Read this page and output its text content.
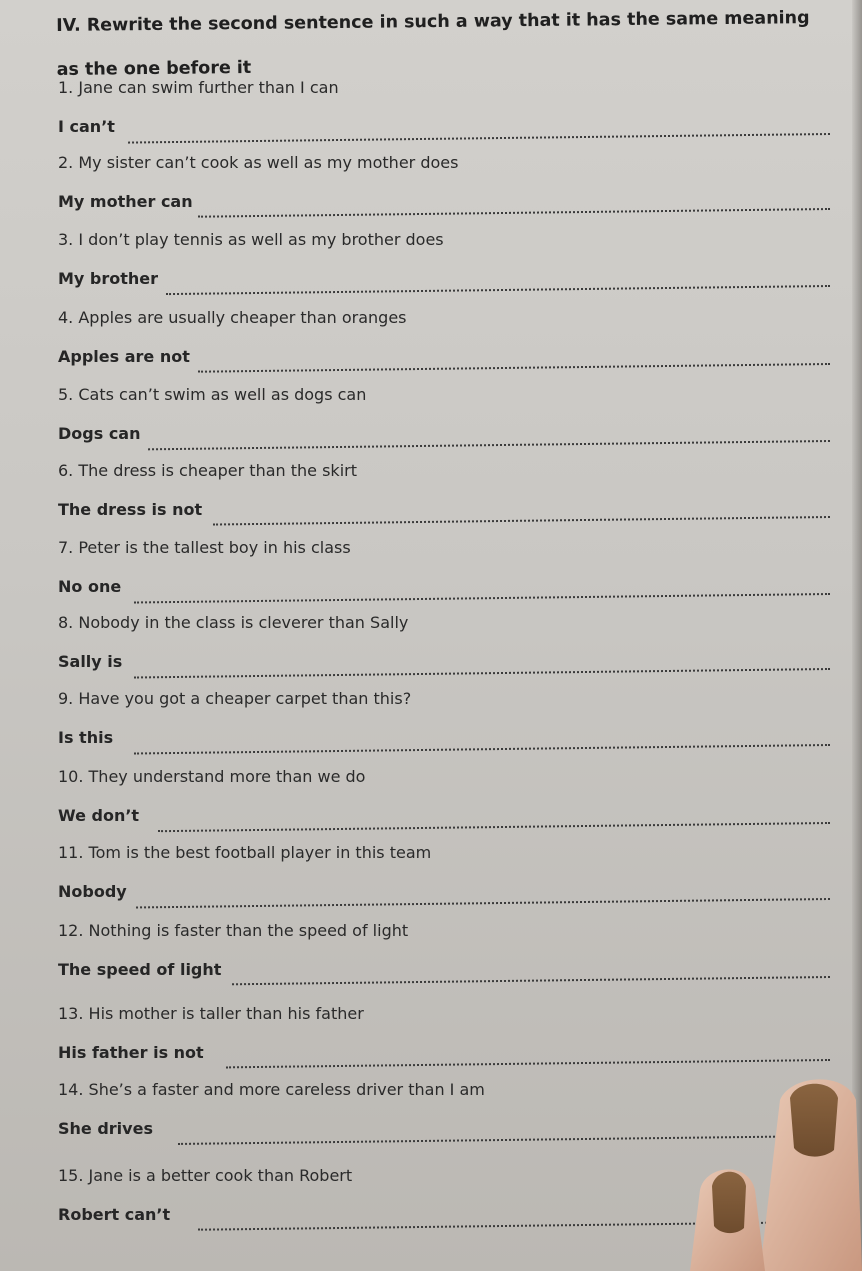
IV. Rewrite the second sentence in such a way that it has the same meaning as the one before it

1. Jane can swim further than I can
I can’t
2. My sister can’t cook as well as my mother does
My mother can
3. I don’t play tennis as well as my brother does
My brother
4. Apples are usually cheaper than oranges
Apples are not
5. Cats can’t swim as well as dogs can
Dogs can
6. The dress is cheaper than the skirt
The dress is not
7. Peter is the tallest boy in his class
No one
8. Nobody in the class is cleverer than Sally
Sally is
9. Have you got a cheaper carpet than this?
Is this
10. They understand more than we do
We don’t
11. Tom is the best football player in this team
Nobody
12. Nothing is faster than the speed of light
The speed of light
13. His mother is taller than his father
His father is not
14. She’s a faster and more careless driver than I am
She drives
15. Jane is a better cook than Robert
Robert can’t
